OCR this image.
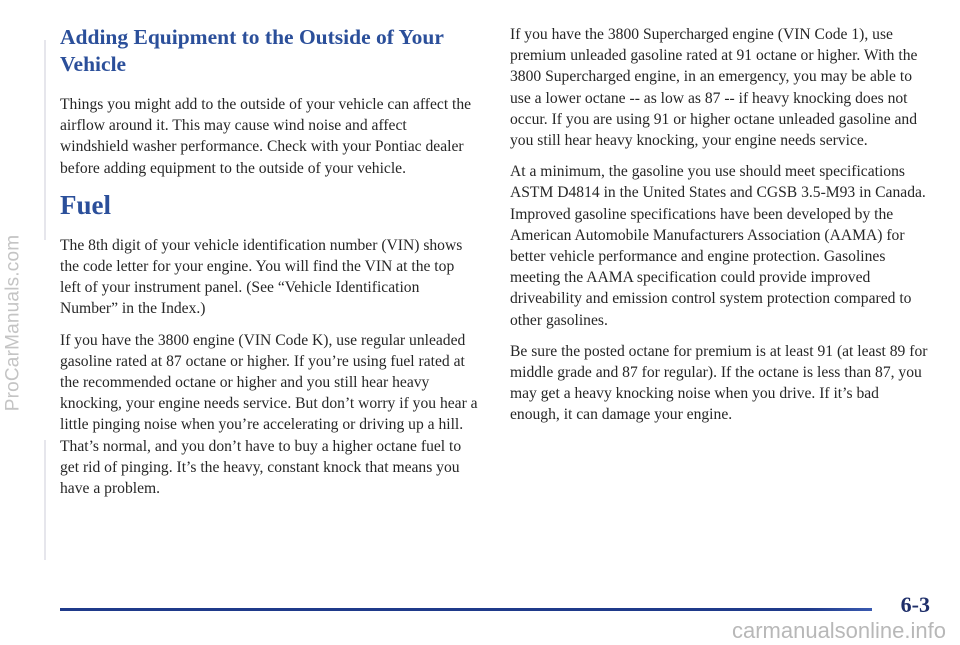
ProCarManuals.com
Adding Equipment to the Outside of Your Vehicle

Things you might add to the outside of your vehicle can affect the airflow around it. This may cause wind noise and affect windshield washer performance. Check with your Pontiac dealer before adding equipment to the outside of your vehicle.

Fuel

The 8th digit of your vehicle identification number (VIN) shows the code letter for your engine. You will find the VIN at the top left of your instrument panel. (See “Vehicle Identification Number” in the Index.)

If you have the 3800 engine (VIN Code K), use regular unleaded gasoline rated at 87 octane or higher. If you’re using fuel rated at the recommended octane or higher and you still hear heavy knocking, your engine needs service. But don’t worry if you hear a little pinging noise when you’re accelerating or driving up a hill. That’s normal, and you don’t have to buy a higher octane fuel to get rid of pinging. It’s the heavy, constant knock that means you have a problem.

If you have the 3800 Supercharged engine (VIN Code 1), use premium unleaded gasoline rated at 91 octane or higher. With the 3800 Supercharged engine, in an emergency, you may be able to use a lower octane -- as low as 87 -- if heavy knocking does not occur. If you are using 91 or higher octane unleaded gasoline and you still hear heavy knocking, your engine needs service.

At a minimum, the gasoline you use should meet specifications ASTM D4814 in the United States and CGSB 3.5-M93 in Canada. Improved gasoline specifications have been developed by the American Automobile Manufacturers Association (AAMA) for better vehicle performance and engine protection. Gasolines meeting the AAMA specification could provide improved driveability and emission control system protection compared to other gasolines.

Be sure the posted octane for premium is at least 91 (at least 89 for middle grade and 87 for regular). If the octane is less than 87, you may get a heavy knocking noise when you drive. If it’s bad enough, it can damage your engine.

6-3
carmanualsonline.info
